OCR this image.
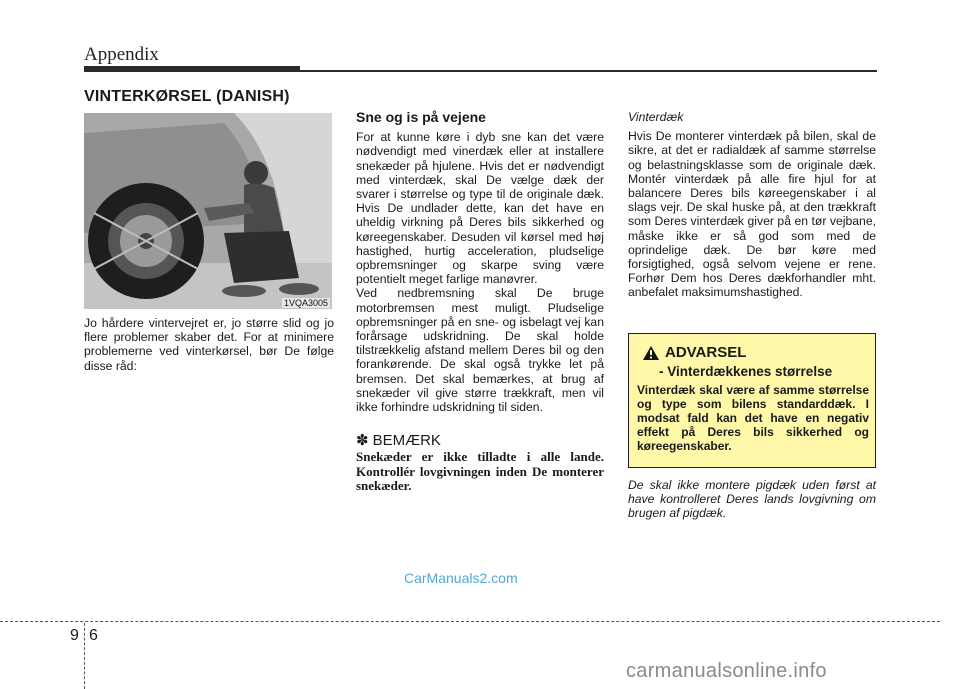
Appendix
VINTERKØRSEL (DANISH)
1VQA3005

Jo hårdere vintervejret er, jo større slid og jo flere problemer skaber det. For at minimere problemerne ved vinterkørsel, bør De følge disse råd:

Sne og is på vejene

For at kunne køre i dyb sne kan det være nødvendigt med vinerdæk eller at installere snekæder på hjulene. Hvis det er nødvendigt med vinterdæk, skal De vælge dæk der svarer i størrelse og type til de originale dæk. Hvis De undlader dette, kan det have en uheldig virkning på Deres bils sikkerhed og køreegenskaber. Desuden vil kørsel med høj hastighed, hurtig acceleration, pludselige opbremsninger og skarpe sving være potentielt meget farlige manøvrer.

Ved nedbremsning skal De bruge motorbremsen mest muligt. Pludselige opbremsninger på en sne- og isbelagt vej kan forårsage udskridning. De skal holde tilstrækkelig afstand mellem Deres bil og den forankørende. De skal også trykke let på bremsen. Det skal bemærkes, at brug af snekæder vil give større trækkraft, men vil ikke forhindre udskridning til siden.

✽ BEMÆRK

Snekæder er ikke tilladte i alle lande. Kontrollér lovgivningen inden De monterer snekæder.

Vinterdæk

Hvis De monterer vinterdæk på bilen, skal de sikre, at det er radialdæk af samme størrelse og belastningsklasse som de originale dæk. Montér vinterdæk på alle fire hjul for at balancere Deres bils køreegenskaber i al slags vejr. De skal huske på, at den trækkraft som Deres vinterdæk giver på en tør vejbane, måske ikke er så god som med de oprindelige dæk. De bør køre med forsigtighed, også selvom vejene er rene. Forhør Dem hos Deres dækforhandler mht. anbefalet maksimumshastighed.

ADVARSEL
- Vinterdækkenes størrelse
Vinterdæk skal være af samme størrelse og type som bilens standarddæk. I modsat fald kan det have en negativ effekt på Deres bils sikkerhed og køreegenskaber.
De skal ikke montere pigdæk uden først at have kontrolleret Deres lands lovgivning om brugen af pigdæk.
CarManuals2.com
9 6
carmanualsonline.info
